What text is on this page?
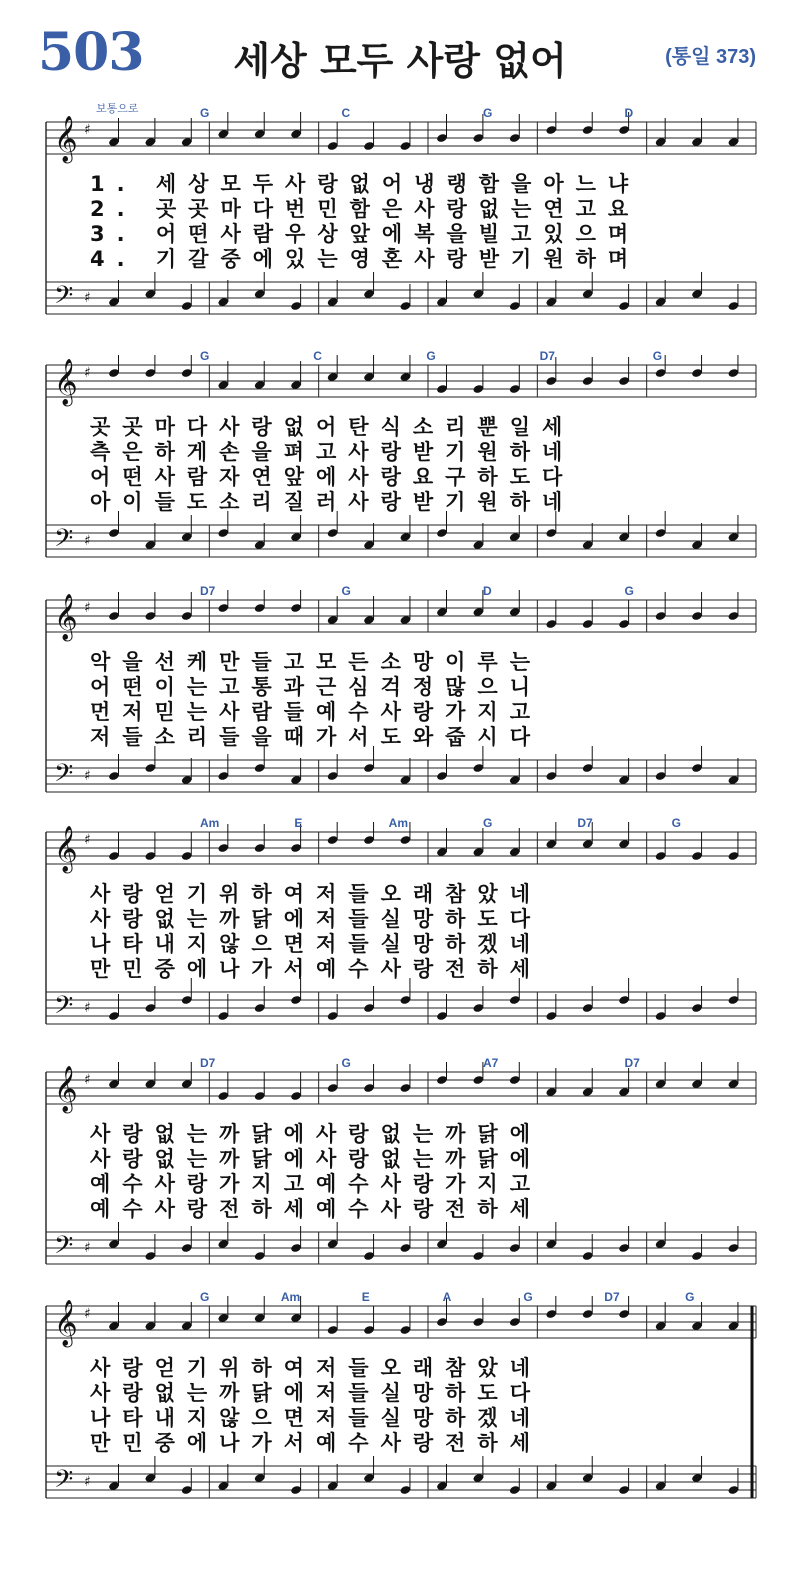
503	세상 모두 사랑 없어	(통일 373)
보통으로
𝄞
𝄢
♯
♯
G	C	G	D
1. 세상모두사랑없어냉랭함을아느냐
2. 곳곳마다번민함은사랑없는연고요
3. 어떤사람우상앞에복을빌고있으며
4. 기갈중에있는영혼사랑받기원하며
𝄞
𝄢
♯
♯
G	C	G	D7	G
곳곳마다사랑없어탄식소리뿐일세
측은하게손을펴고사랑받기원하네
어떤사람자연앞에사랑요구하도다
아이들도소리질러사랑받기원하네
𝄞
𝄢
♯
♯
D7	G	D	G
악을선케만들고모든소망이루는
어떤이는고통과근심걱정많으니
먼저믿는사람들예수사랑가지고
저들소리들을때가서도와줍시다
𝄞
𝄢
♯
♯
Am	E	Am	G	D7	G
사랑얻기위하여저들오래참았네
사랑없는까닭에저들실망하도다
나타내지않으면저들실망하겠네
만민중에나가서예수사랑전하세
𝄞
𝄢
♯
♯
D7	G	A7	D7
사랑없는까닭에사랑없는까닭에
사랑없는까닭에사랑없는까닭에
예수사랑가지고예수사랑가지고
예수사랑전하세예수사랑전하세
𝄞
𝄢
♯
♯
G	Am	E	A	G	D7	G
사랑얻기위하여저들오래참았네
사랑없는까닭에저들실망하도다
나타내지않으면저들실망하겠네
만민중에나가서예수사랑전하세
